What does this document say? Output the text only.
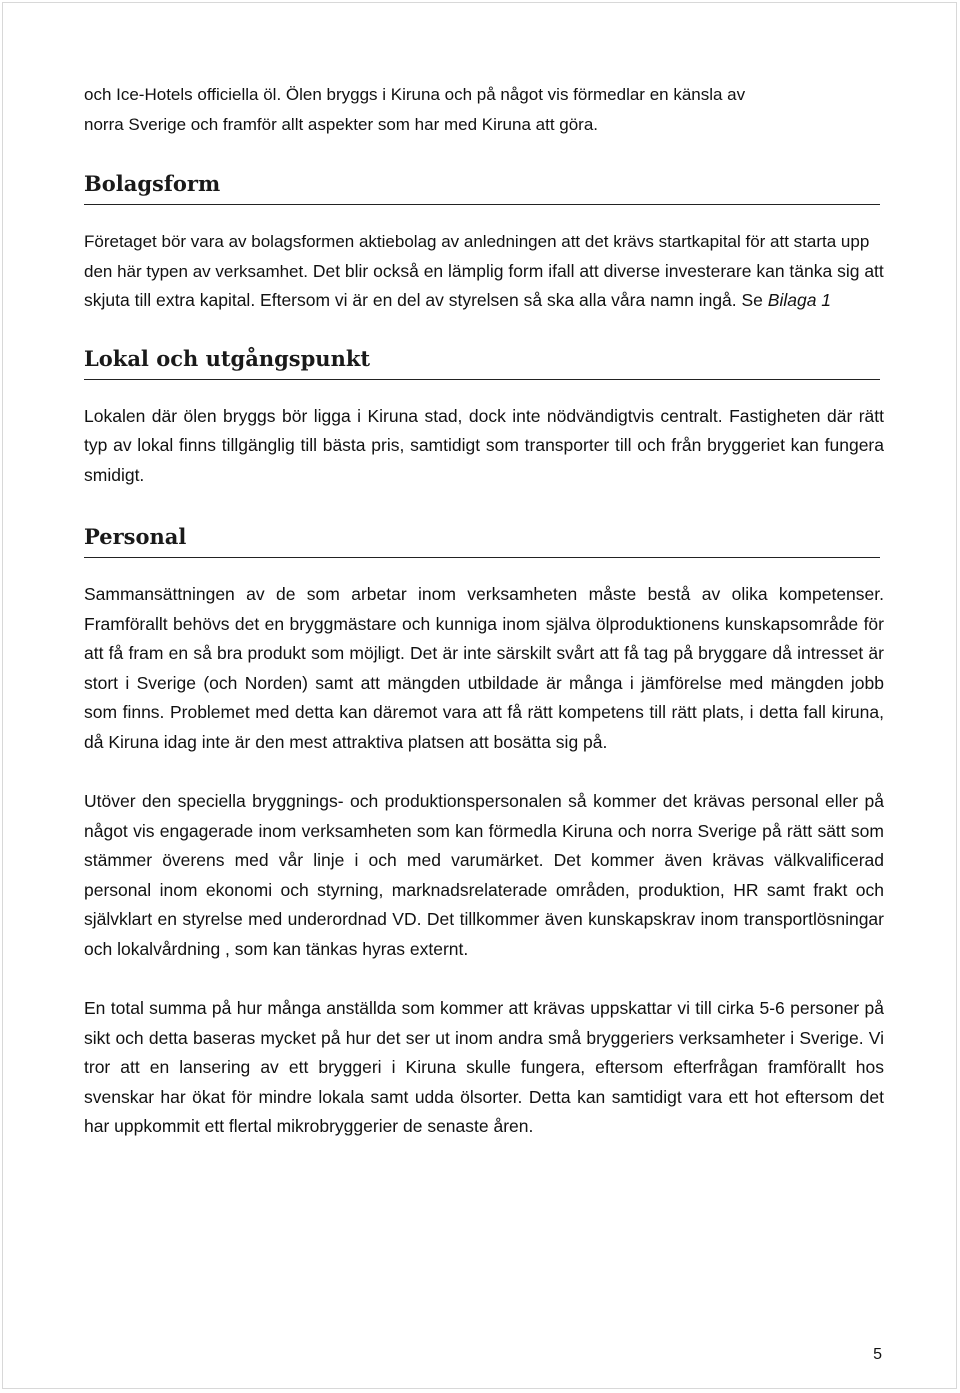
och Ice-Hotels officiella öl. Ölen bryggs i Kiruna och på något vis förmedlar en känsla av
norra Sverige och framför allt aspekter som har med Kiruna att göra.

Bolagsform

Företaget bör vara av bolagsformen aktiebolag av anledningen att det krävs startkapital för att starta upp den här typen av verksamhet. Det blir också en lämplig form ifall att diverse investerare kan tänka sig att skjuta till extra kapital. Eftersom vi är en del av styrelsen så ska alla våra namn ingå. Se Bilaga 1

Lokal och utgångspunkt

Lokalen där ölen bryggs bör ligga i Kiruna stad, dock inte nödvändigtvis centralt. Fastigheten där rätt typ av lokal finns tillgänglig till bästa pris, samtidigt som transporter till och från bryggeriet kan fungera smidigt.

Personal

Sammansättningen av de som arbetar inom verksamheten måste bestå av olika kompetenser. Framförallt behövs det en bryggmästare och kunniga inom själva ölproduktionens kunskapsområde för att få fram en så bra produkt som möjligt. Det är inte särskilt svårt att få tag på bryggare då intresset är stort i Sverige (och Norden) samt att mängden utbildade är många i jämförelse med mängden jobb som finns. Problemet med detta kan däremot vara att få rätt kompetens till rätt plats, i detta fall kiruna, då Kiruna idag inte är den mest attraktiva platsen att bosätta sig på.

Utöver den speciella bryggnings- och produktionspersonalen så kommer det krävas personal eller på något vis engagerade inom verksamheten som kan förmedla Kiruna och norra Sverige på rätt sätt som stämmer överens med vår linje i och med varumärket. Det kommer även krävas välkvalificerad personal inom ekonomi och styrning, marknadsrelaterade områden, produktion, HR samt frakt och självklart en styrelse med underordnad VD. Det tillkommer även kunskapskrav inom transportlösningar och lokalvårdning , som kan tänkas hyras externt.

En total summa på hur många anställda som kommer att krävas uppskattar vi till cirka 5-6 personer på sikt och detta baseras mycket på hur det ser ut inom andra små bryggeriers verksamheter i Sverige. Vi tror att en lansering av ett bryggeri i Kiruna skulle fungera, eftersom efterfrågan framförallt hos svenskar har ökat för mindre lokala samt udda ölsorter. Detta kan samtidigt vara ett hot eftersom det har uppkommit ett flertal mikrobryggerier de senaste åren.

5
